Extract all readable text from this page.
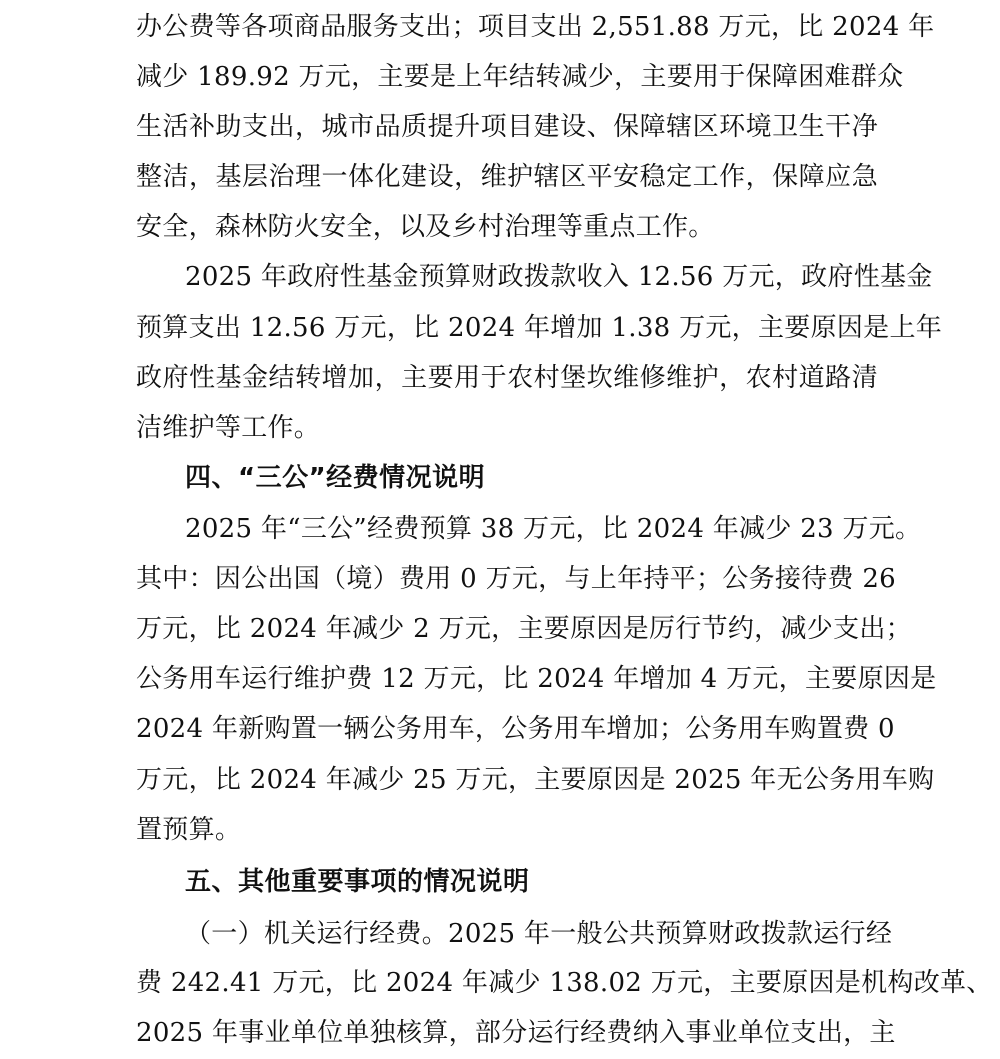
办公费等各项商品服务支出；项目支出 2,551.88 万元，比 2024 年
减少 189.92 万元，主要是上年结转减少，主要用于保障困难群众
生活补助支出，城市品质提升项目建设、保障辖区环境卫生干净
整洁，基层治理一体化建设，维护辖区平安稳定工作，保障应急
安全，森林防火安全，以及乡村治理等重点工作。
2025 年政府性基金预算财政拨款收入 12.56 万元，政府性基金
预算支出 12.56 万元，比 2024 年增加 1.38 万元，主要原因是上年
政府性基金结转增加，主要用于农村堡坎维修维护，农村道路清
洁维护等工作。
四、“三公”经费情况说明
2025 年“三公”经费预算 38 万元，比 2024 年减少 23 万元。
其中：因公出国（境）费用 0 万元，与上年持平；公务接待费 26
万元，比 2024 年减少 2 万元，主要原因是厉行节约，减少支出；
公务用车运行维护费 12 万元，比 2024 年增加 4 万元，主要原因是
2024 年新购置一辆公务用车，公务用车增加；公务用车购置费 0
万元，比 2024 年减少 25 万元，主要原因是 2025 年无公务用车购
置预算。
五、其他重要事项的情况说明
（一）机关运行经费。2025 年一般公共预算财政拨款运行经
费 242.41 万元，比 2024 年减少 138.02 万元，主要原因是机构改革、
2025 年事业单位单独核算，部分运行经费纳入事业单位支出，主
